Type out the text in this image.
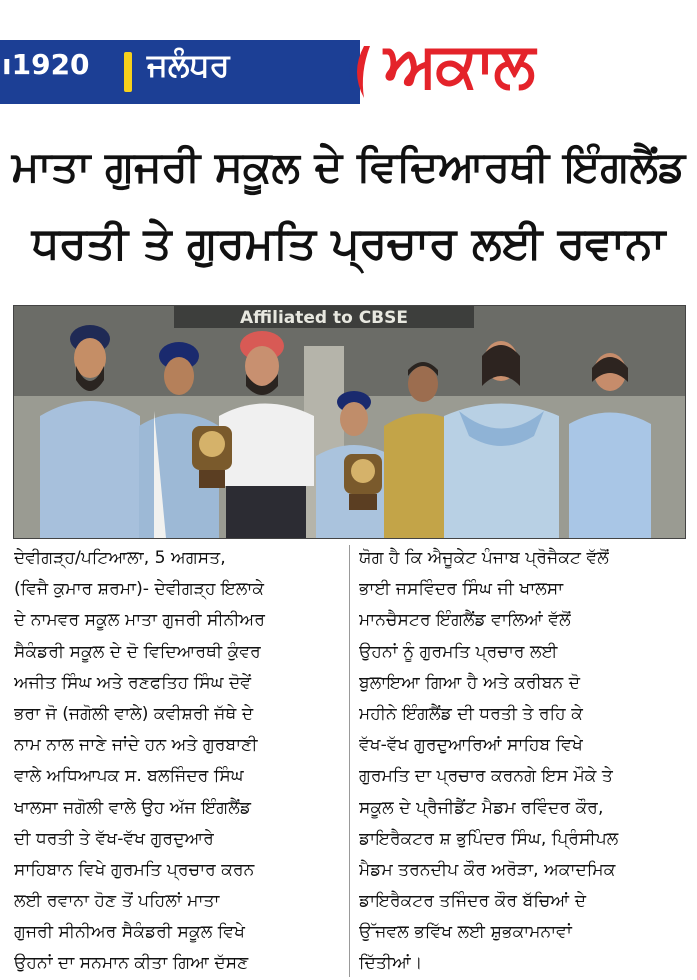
ı1920 ਜਲੰਧਰ ਅਕਾਲ
ਮਾਤਾ ਗੁਜਰੀ ਸਕੂਲ ਦੇ ਵਿਦਿਆਰਥੀ ਇੰਗਲੈਂਡ
ਧਰਤੀ ਤੇ ਗੁਰਮਤਿ ਪ੍ਰਚਾਰ ਲਈ ਰਵਾਨਾ
Affiliated to CBSE
ਦੇਵੀਗੜ੍ਹ/ਪਟਿਆਲਾ, 5 ਅਗਸਤ,
(ਵਿਜੈ ਕੁਮਾਰ ਸ਼ਰਮਾ)- ਦੇਵੀਗੜ੍ਹ ਇਲਾਕੇ
ਦੇ ਨਾਮਵਰ ਸਕੂਲ ਮਾਤਾ ਗੁਜਰੀ ਸੀਨੀਅਰ
ਸੈਕੰਡਰੀ ਸਕੂਲ ਦੇ ਦੋ ਵਿਦਿਆਰਥੀ ਕੁੰਵਰ
ਅਜੀਤ ਸਿੰਘ ਅਤੇ ਰਣਫਤਿਹ ਸਿੰਘ ਦੋਵੇਂ
ਭਰਾ ਜੋ (ਜਗੋਲੀ ਵਾਲੇ) ਕਵੀਸ਼ਰੀ ਜੱਥੇ ਦੇ
ਨਾਮ ਨਾਲ ਜਾਣੇ ਜਾਂਦੇ ਹਨ ਅਤੇ ਗੁਰਬਾਣੀ
ਵਾਲੇ ਅਧਿਆਪਕ ਸ. ਬਲਜਿੰਦਰ ਸਿੰਘ
ਖਾਲਸਾ ਜਗੋਲੀ ਵਾਲੇ ਉਹ ਅੱਜ ਇੰਗਲੈਂਡ
ਦੀ ਧਰਤੀ ਤੇ ਵੱਖ-ਵੱਖ ਗੁਰਦੁਆਰੇ
ਸਾਹਿਬਾਨ ਵਿਖੇ ਗੁਰਮਤਿ ਪ੍ਰਚਾਰ ਕਰਨ
ਲਈ ਰਵਾਨਾ ਹੋਣ ਤੋਂ ਪਹਿਲਾਂ ਮਾਤਾ
ਗੁਜਰੀ ਸੀਨੀਅਰ ਸੈਕੰਡਰੀ ਸਕੂਲ ਵਿਖੇ
ਉਹਨਾਂ ਦਾ ਸਨਮਾਨ ਕੀਤਾ ਗਿਆ ਦੱਸਣ
ਯੋਗ ਹੈ ਕਿ ਐਜੂਕੇਟ ਪੰਜਾਬ ਪ੍ਰੋਜੈਕਟ ਵੱਲੋਂ
ਭਾਈ ਜਸਵਿੰਦਰ ਸਿੰਘ ਜੀ ਖਾਲਸਾ
ਮਾਨਚੈਸਟਰ ਇੰਗਲੈਂਡ ਵਾਲਿਆਂ ਵੱਲੋਂ
ਉਹਨਾਂ ਨੂੰ ਗੁਰਮਤਿ ਪ੍ਰਚਾਰ ਲਈ
ਬੁਲਾਇਆ ਗਿਆ ਹੈ ਅਤੇ ਕਰੀਬਨ ਦੋ
ਮਹੀਨੇ ਇੰਗਲੈਂਡ ਦੀ ਧਰਤੀ ਤੇ ਰਹਿ ਕੇ
ਵੱਖ-ਵੱਖ ਗੁਰਦੁਆਰਿਆਂ ਸਾਹਿਬ ਵਿਖੇ
ਗੁਰਮਤਿ ਦਾ ਪ੍ਰਚਾਰ ਕਰਨਗੇ ਇਸ ਮੌਕੇ ਤੇ
ਸਕੂਲ ਦੇ ਪ੍ਰੈਜੀਡੈਂਟ ਮੈਡਮ ਰਵਿੰਦਰ ਕੌਰ,
ਡਾਇਰੈਕਟਰ ਸ਼ ਭੁਪਿੰਦਰ ਸਿੰਘ, ਪ੍ਰਿੰਸੀਪਲ
ਮੈਡਮ ਤਰਨਦੀਪ ਕੌਰ ਅਰੋੜਾ, ਅਕਾਦਮਿਕ
ਡਾਇਰੈਕਟਰ ਤਜਿੰਦਰ ਕੌਰ ਬੱਚਿਆਂ ਦੇ
ਉੱਜਵਲ ਭਵਿੱਖ ਲਈ ਸ਼ੁਭਕਾਮਨਾਵਾਂ
ਦਿੱਤੀਆਂ।
